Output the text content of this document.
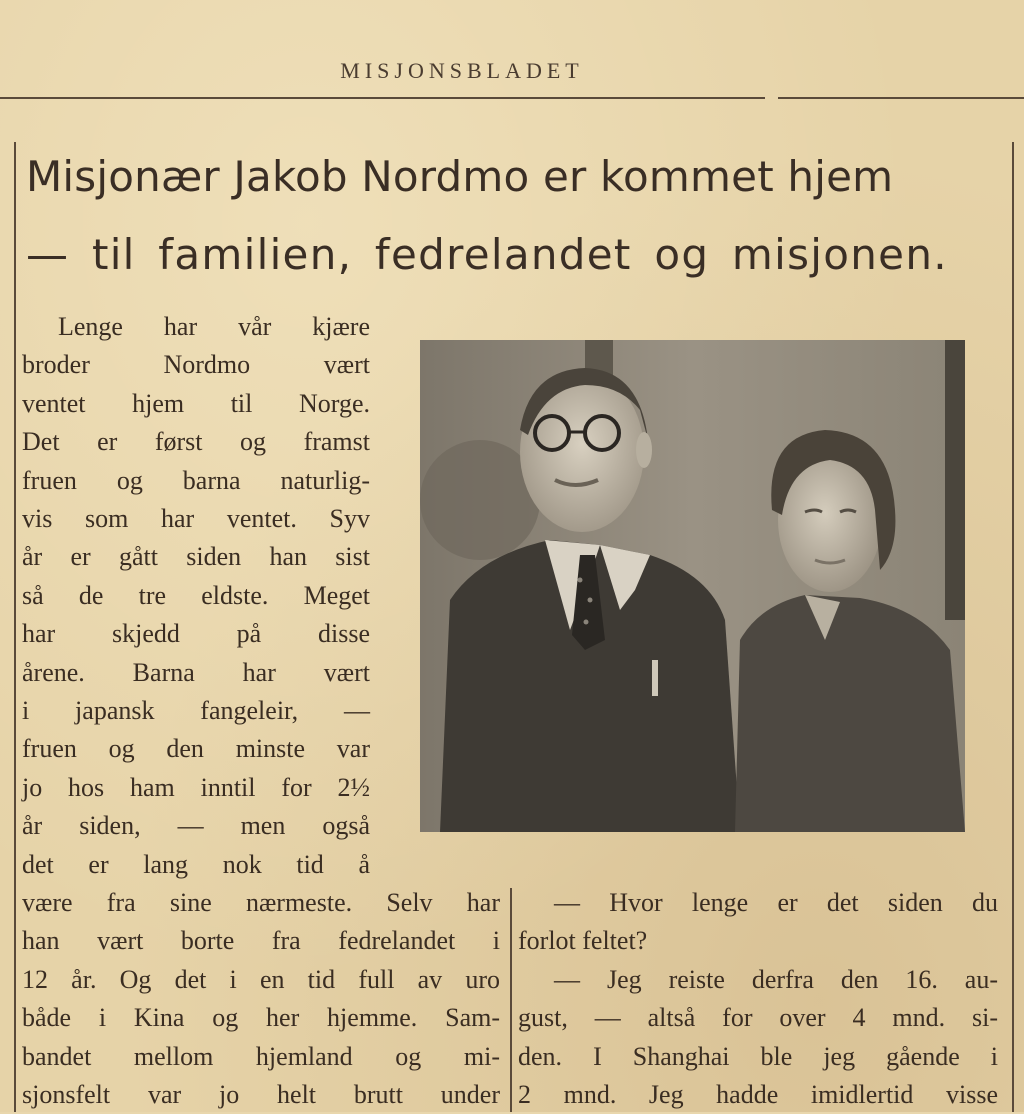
MISJONSBLADET
Misjonær Jakob Nordmo er kommet hjem
— til familien, fedrelandet og misjonen.

Lenge har vår kjære
broder Nordmo vært
ventet hjem til Norge.
Det er først og framst
fruen og barna naturlig-
vis som har ventet. Syv
år er gått siden han sist
så de tre eldste. Meget
har skjedd på disse
årene. Barna har vært
i japansk fangeleir, —
fruen og den minste var
jo hos ham inntil for 2½
år siden, — men også
det er lang nok tid å

være fra sine nærmeste. Selv har
han vært borte fra fedrelandet i
12 år. Og det i en tid full av uro
både i Kina og her hjemme. Sam-
bandet mellom hjemland og mi-
sjonsfelt var jo helt brutt under

— Hvor lenge er det siden du
forlot feltet?
— Jeg reiste derfra den 16. au-
gust, — altså for over 4 mnd. si-
den. I Shanghai ble jeg gående i
2 mnd. Jeg hadde imidlertid visse
